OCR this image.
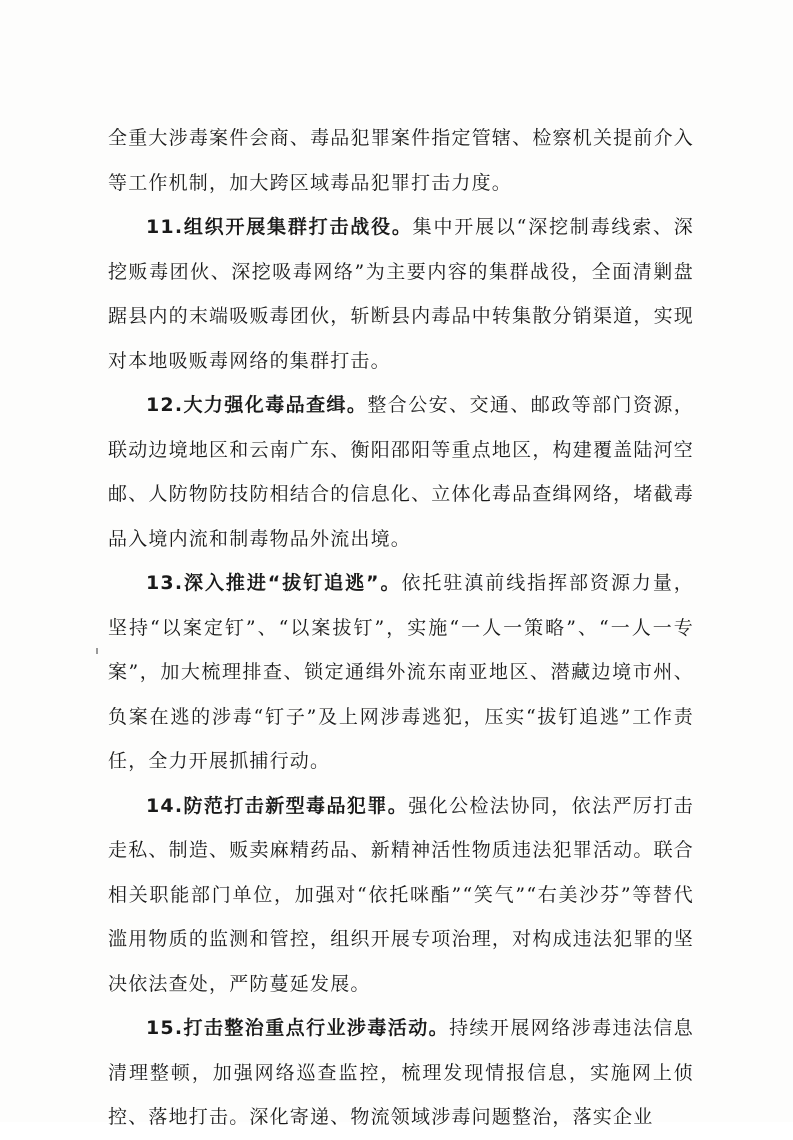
全重大涉毒案件会商、毒品犯罪案件指定管辖、检察机关提前介入等工作机制，加大跨区域毒品犯罪打击力度。

11.组织开展集群打击战役。集中开展以“深挖制毒线索、深挖贩毒团伙、深挖吸毒网络”为主要内容的集群战役，全面清剿盘踞县内的末端吸贩毒团伙，斩断县内毒品中转集散分销渠道，实现对本地吸贩毒网络的集群打击。

12.大力强化毒品查缉。整合公安、交通、邮政等部门资源，联动边境地区和云南广东、衡阳邵阳等重点地区，构建覆盖陆河空邮、人防物防技防相结合的信息化、立体化毒品查缉网络，堵截毒品入境内流和制毒物品外流出境。

13.深入推进“拔钉追逃”。依托驻滇前线指挥部资源力量，坚持“以案定钉”、“以案拔钉”，实施“一人一策略”、“一人一专案”，加大梳理排查、锁定通缉外流东南亚地区、潜藏边境市州、负案在逃的涉毒“钉子”及上网涉毒逃犯，压实“拔钉追逃”工作责任，全力开展抓捕行动。

14.防范打击新型毒品犯罪。强化公检法协同，依法严厉打击走私、制造、贩卖麻精药品、新精神活性物质违法犯罪活动。联合相关职能部门单位，加强对“依托咪酯”“笑气”“右美沙芬”等替代滥用物质的监测和管控，组织开展专项治理，对构成违法犯罪的坚决依法查处，严防蔓延发展。

15.打击整治重点行业涉毒活动。持续开展网络涉毒违法信息清理整顿，加强网络巡查监控，梳理发现情报信息，实施网上侦控、落地打击。深化寄递、物流领域涉毒问题整治，落实企业
